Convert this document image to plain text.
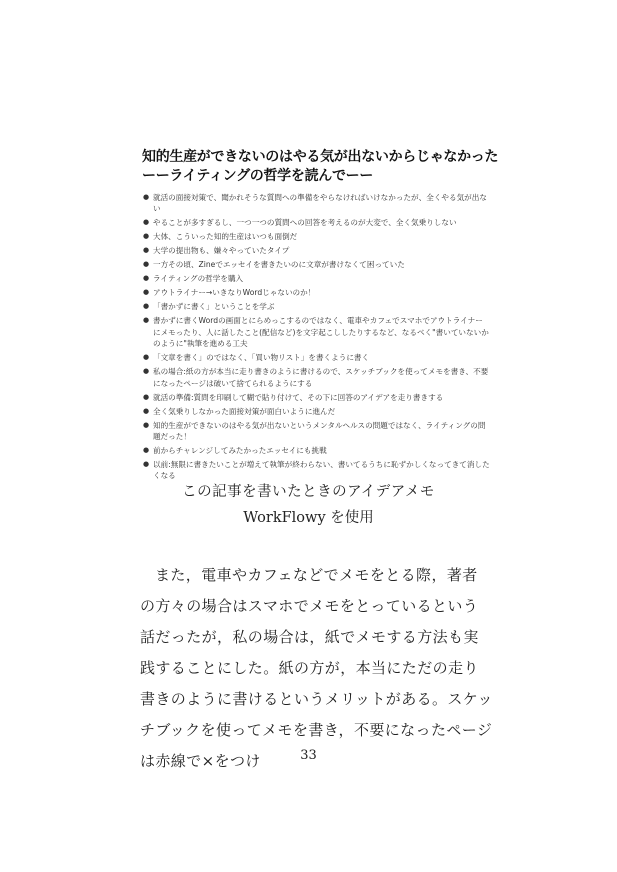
知的生産ができないのはやる気が出ないからじゃなかった
ーーライティングの哲学を読んでーー
● 就活の面接対策で、聞かれそうな質問への準備をやらなければいけなかったが、全くやる気が出ない
● やることが多すぎるし、一つ一つの質問への回答を考えるのが大変で、全く気乗りしない
● 大体、こういった知的生産はいつも面倒だ
● 大学の提出物も、嫌々やっていたタイプ
● 一方その頃、Zineでエッセイを書きたいのに文章が書けなくて困っていた
● ライティングの哲学を購入
● アウトライナー→いきなりWordじゃないのか！
● 「書かずに書く」ということを学ぶ
● 書かずに書くWordの画面とにらめっこするのではなく、電車やカフェでスマホでアウトライナーにメモったり、人に話したこと(配信など)を文字起こししたりするなど、なるべく"書いていないかのように"執筆を進める工夫
● 「文章を書く」のではなく、「買い物リスト」を書くように書く
● 私の場合:紙の方が本当に走り書きのように書けるので、スケッチブックを使ってメモを書き、不要になったページは破いて捨てられるようにする
● 就活の準備:質問を印刷して糊で貼り付けて、その下に回答のアイデアを走り書きする
● 全く気乗りしなかった面接対策が面白いように進んだ
● 知的生産ができないのはやる気が出ないというメンタルヘルスの問題ではなく、ライティングの問題だった！
● 前からチャレンジしてみたかったエッセイにも挑戦
● 以前:無限に書きたいことが増えて執筆が終わらない、書いてるうちに恥ずかしくなってきて消したくなる
この記事を書いたときのアイデアメモ
WorkFlowy を使用

また，電車やカフェなどでメモをとる際，著者の方々の場合はスマホでメモをとっているという話だったが，私の場合は，紙でメモする方法も実践することにした。紙の方が，本当にただの走り書きのように書けるというメリットがある。スケッチブックを使ってメモを書き，不要になったページは赤線で×をつけ	33
